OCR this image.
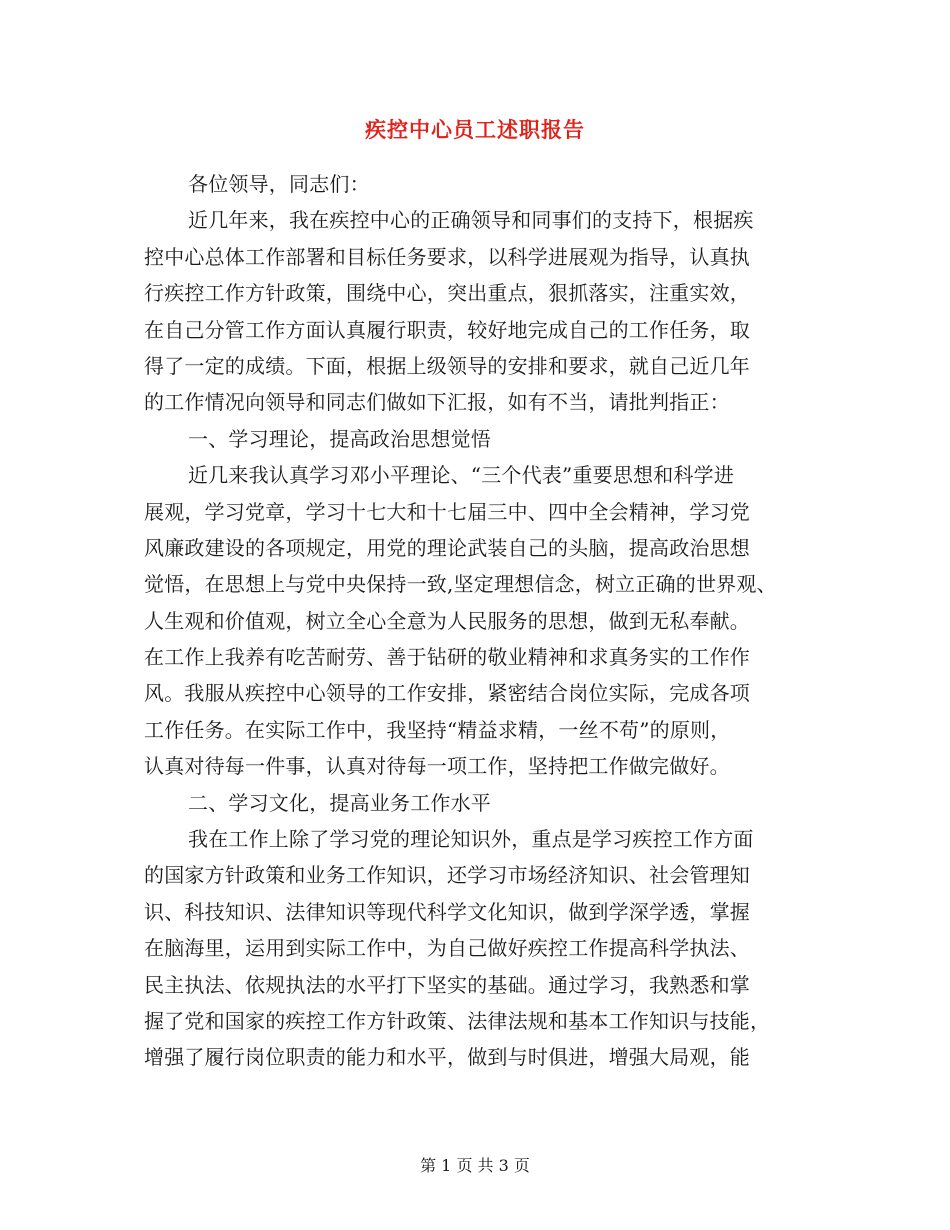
疾控中心员工述职报告
各位领导，同志们：
近几年来，我在疾控中心的正确领导和同事们的支持下，根据疾
控中心总体工作部署和目标任务要求，以科学进展观为指导，认真执
行疾控工作方针政策，围绕中心，突出重点，狠抓落实，注重实效，
在自己分管工作方面认真履行职责，较好地完成自己的工作任务，取
得了一定的成绩。下面，根据上级领导的安排和要求，就自己近几年
的工作情况向领导和同志们做如下汇报，如有不当，请批判指正：
一、学习理论，提高政治思想觉悟
近几来我认真学习邓小平理论、“三个代表”重要思想和科学进
展观，学习党章，学习十七大和十七届三中、四中全会精神，学习党
风廉政建设的各项规定，用党的理论武装自己的头脑，提高政治思想
觉悟，在思想上与党中央保持一致,坚定理想信念，树立正确的世界观、
人生观和价值观，树立全心全意为人民服务的思想，做到无私奉献。
在工作上我养有吃苦耐劳、善于钻研的敬业精神和求真务实的工作作
风。我服从疾控中心领导的工作安排，紧密结合岗位实际，完成各项
工作任务。在实际工作中，我坚持“精益求精，一丝不苟”的原则，
认真对待每一件事，认真对待每一项工作，坚持把工作做完做好。
二、学习文化，提高业务工作水平
我在工作上除了学习党的理论知识外，重点是学习疾控工作方面
的国家方针政策和业务工作知识，还学习市场经济知识、社会管理知
识、科技知识、法律知识等现代科学文化知识，做到学深学透，掌握
在脑海里，运用到实际工作中，为自己做好疾控工作提高科学执法、
民主执法、依规执法的水平打下坚实的基础。通过学习，我熟悉和掌
握了党和国家的疾控工作方针政策、法律法规和基本工作知识与技能，
增强了履行岗位职责的能力和水平，做到与时俱进，增强大局观，能
第 1 页 共 3 页
